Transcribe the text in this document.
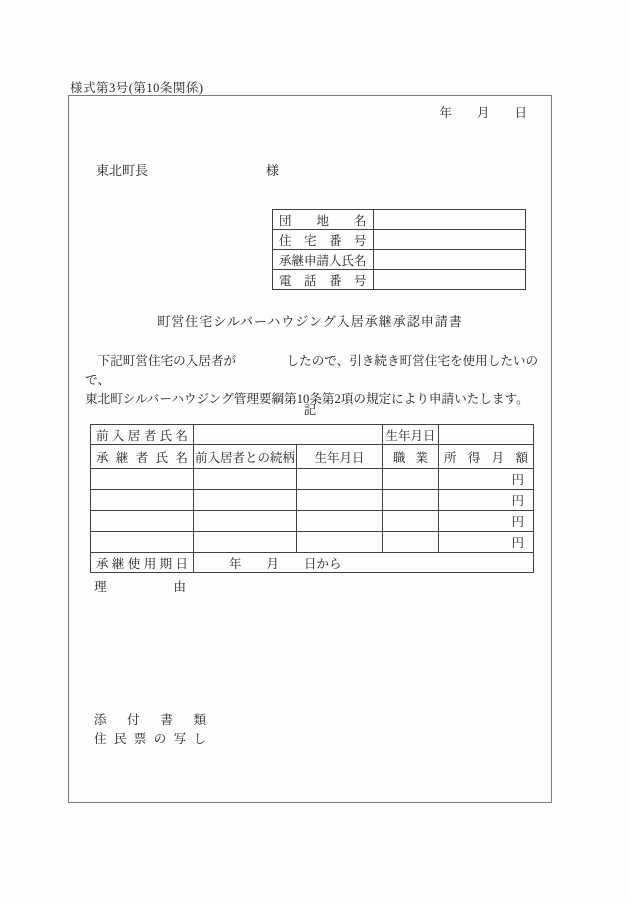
様式第3号(第10条関係)
年　　月　　日
東北町長	様
団地名	
住宅番号	
承継申請人氏名	
電話番号	
町営住宅シルバーハウジング入居承継承認申請書
　下記町営住宅の入居者が　　　　したので、引き続き町営住宅を使用したいの　で、
東北町シルバーハウジング管理要綱第10条第2項の規定により申請いたします。
記
前入居者氏名			生年月日	
承継者氏名	前入居者との続柄	生年月日	職業	所得月額
				円
				円
				円
				円
承継使用期日	年　　月　　日から			
理由
添付書類
住民票の写し
